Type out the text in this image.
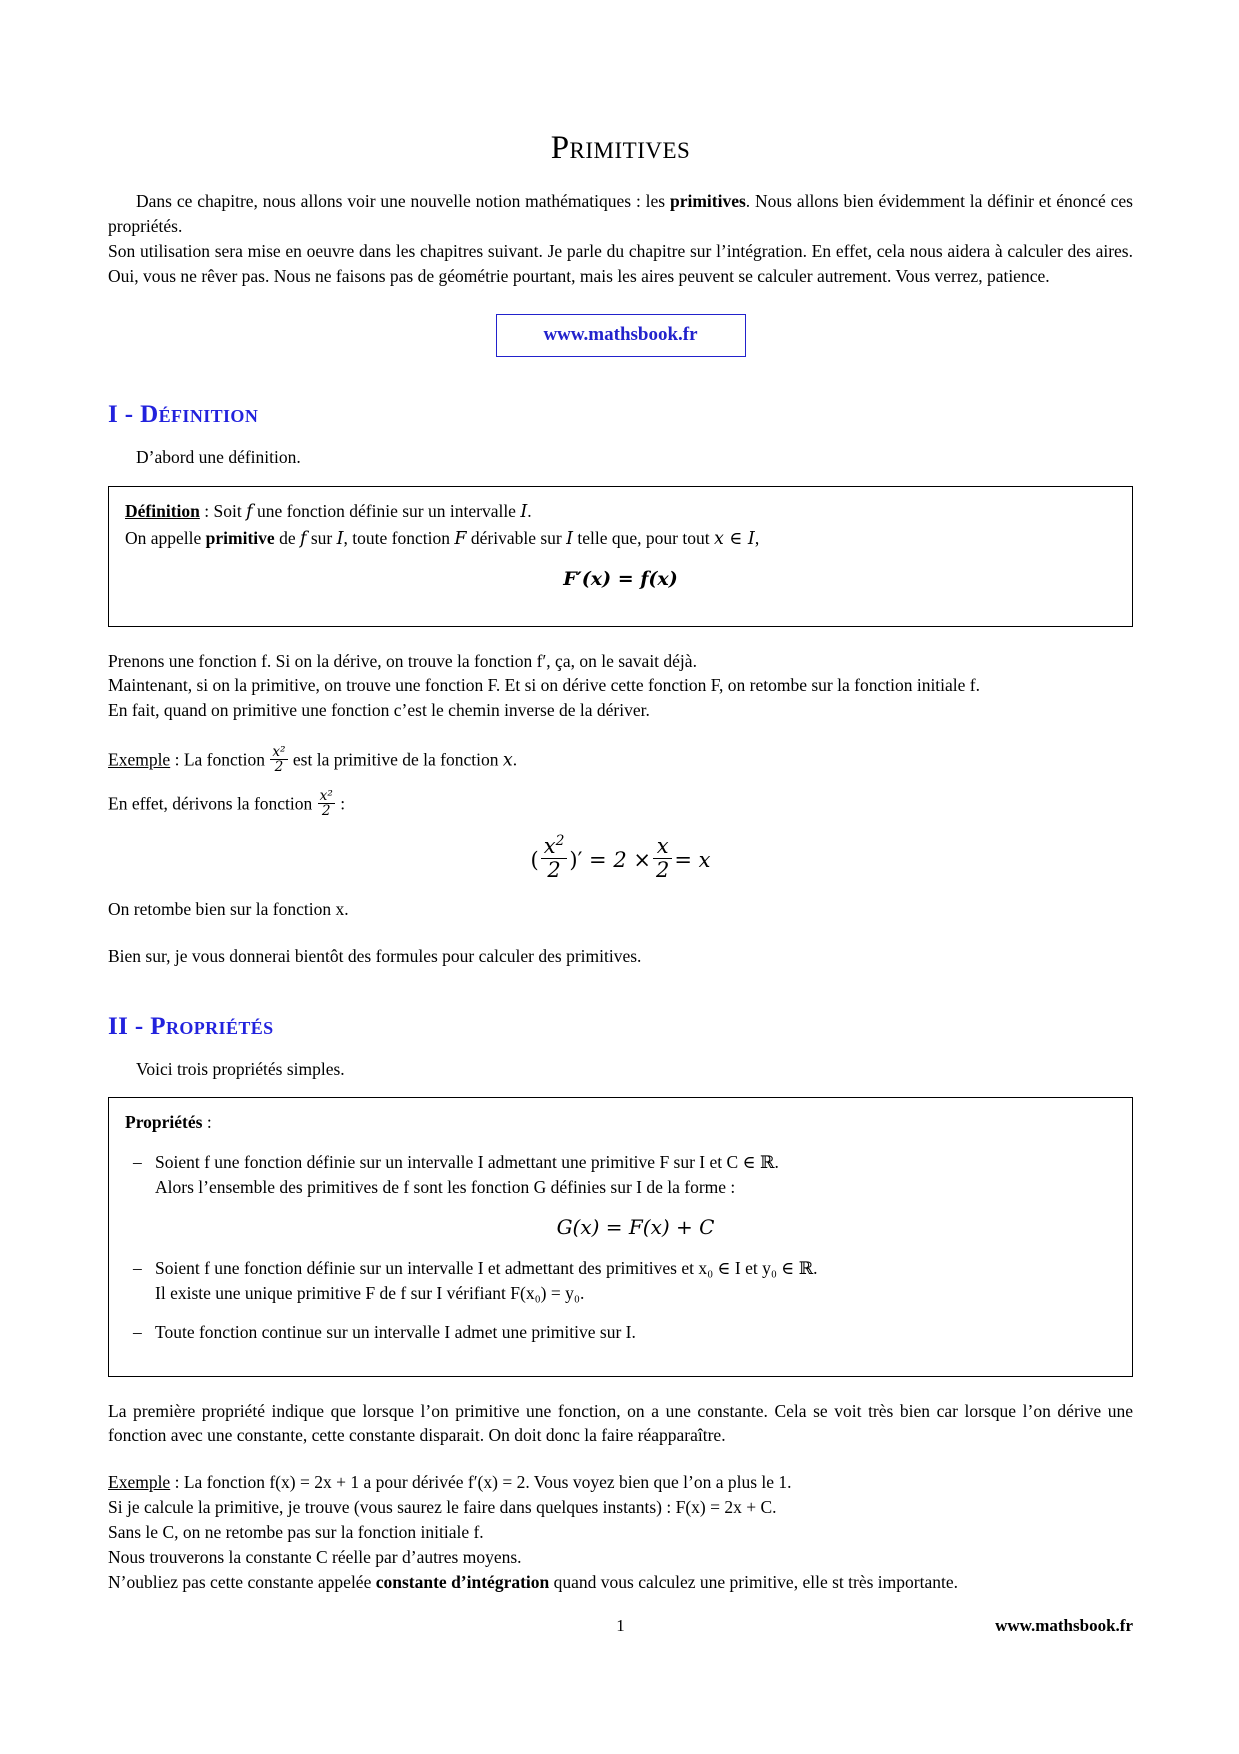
Primitives

Dans ce chapitre, nous allons voir une nouvelle notion mathématiques : les primitives. Nous allons bien évidemment la définir et énoncé ces propriétés.

Son utilisation sera mise en oeuvre dans les chapitres suivant. Je parle du chapitre sur l’intégration. En effet, cela nous aidera à calculer des aires. Oui, vous ne rêver pas. Nous ne faisons pas de géométrie pourtant, mais les aires peuvent se calculer autrement. Vous verrez, patience.

www.mathsbook.fr
I - Définition

D’abord une définition.

Définition : Soit f une fonction définie sur un intervalle I.
On appelle primitive de f sur I, toute fonction F dérivable sur I telle que, pour tout x ∈ I,
F′(x) = f(x)

Prenons une fonction f. Si on la dérive, on trouve la fonction f′, ça, on le savait déjà.

Maintenant, si on la primitive, on trouve une fonction F. Et si on dérive cette fonction F, on retombe sur la fonction initiale f.

En fait, quand on primitive une fonction c’est le chemin inverse de la dériver.

Exemple : La fonction $\frac{\text{x²}}{2}$ est la primitive de la fonction x.

En effet, dérivons la fonction $\frac{\text{x²}}{2}$ :

( $\frac{x^2}{2}$ )′ = $2 \times \frac{x}{2} = x$

On retombe bien sur la fonction x.

Bien sur, je vous donnerai bientôt des formules pour calculer des primitives.

II - Propriétés

Voici trois propriétés simples.

Propriétés :
– Soient f une fonction définie sur un intervalle I admettant une primitive F sur I et C ∈ ℝ.
Alors l’ensemble des primitives de f sont les fonction G définies sur I de la forme :
G(x) = F(x) + C
– Soient f une fonction définie sur un intervalle I et admettant des primitives et x₀ ∈ I et y₀ ∈ ℝ.
Il existe une unique primitive F de f sur I vérifiant F(x₀) = y₀.
– Toute fonction continue sur un intervalle I admet une primitive sur I.

La première propriété indique que lorsque l’on primitive une fonction, on a une constante. Cela se voit très bien car lorsque l’on dérive une fonction avec une constante, cette constante disparait. On doit donc la faire réapparaître.

Exemple : La fonction f(x) = 2x + 1 a pour dérivée f′(x) = 2. Vous voyez bien que l’on a plus le 1.

Si je calcule la primitive, je trouve (vous saurez le faire dans quelques instants) : F(x) = 2x + C.

Sans le C, on ne retombe pas sur la fonction initiale f.

Nous trouverons la constante C réelle par d’autres moyens.

N’oubliez pas cette constante appelée constante d’intégration quand vous calculez une primitive, elle st très importante.

1	www.mathsbook.fr
